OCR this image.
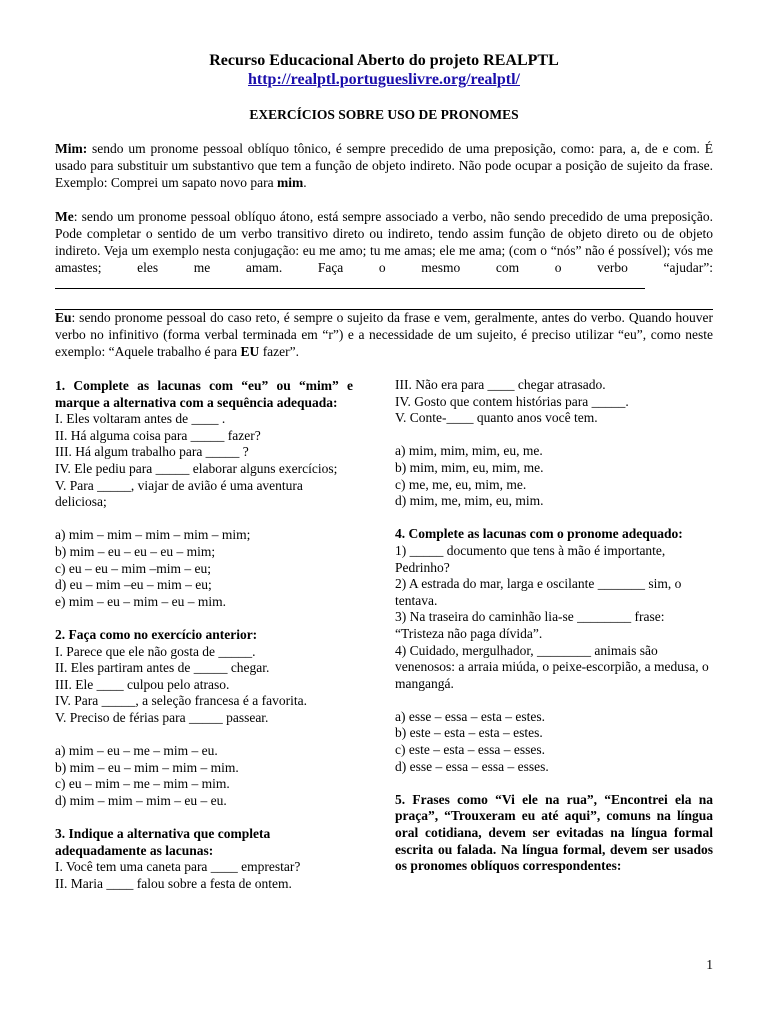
Recurso Educacional Aberto do projeto REALPTL
http://realptl.portugueslivre.org/realptl/
EXERCÍCIOS SOBRE USO DE PRONOMES
Mim: sendo um pronome pessoal oblíquo tônico, é sempre precedido de uma preposição, como: para, a, de e com. É usado para substituir um substantivo que tem a função de objeto indireto. Não pode ocupar a posição de sujeito da frase. Exemplo: Comprei um sapato novo para mim.
Me: sendo um pronome pessoal oblíquo átono, está sempre associado a verbo, não sendo precedido de uma preposição. Pode completar o sentido de um verbo transitivo direto ou indireto, tendo assim função de objeto direto ou de objeto indireto. Veja um exemplo nesta conjugação: eu me amo; tu me amas; ele me ama; (com o “nós” não é possível); vós me amastes; eles me amam. Faça o mesmo com o verbo “ajudar”:
Eu: sendo pronome pessoal do caso reto, é sempre o sujeito da frase e vem, geralmente, antes do verbo. Quando houver verbo no infinitivo (forma verbal terminada em “r”) e a necessidade de um sujeito, é preciso utilizar “eu”, como neste exemplo: “Aquele trabalho é para EU fazer”.
1. Complete as lacunas com “eu” ou “mim” e marque a alternativa com a sequência adequada:
I. Eles voltaram antes de ____ .
II. Há alguma coisa para _____ fazer?
III. Há algum trabalho para _____ ?
IV. Ele pediu para _____ elaborar alguns exercícios;
V. Para _____, viajar de avião é uma aventura deliciosa;
a) mim – mim – mim – mim – mim;
b) mim – eu – eu – eu – mim;
c) eu – eu – mim –mim – eu;
d) eu – mim –eu – mim – eu;
e) mim – eu – mim – eu – mim.
2. Faça como no exercício anterior:
I. Parece que ele não gosta de _____.
II. Eles partiram antes de _____ chegar.
III. Ele ____ culpou pelo atraso.
IV. Para _____, a seleção francesa é a favorita.
V. Preciso de férias para _____ passear.
a) mim – eu – me – mim – eu.
b) mim – eu – mim – mim – mim.
c) eu – mim – me – mim – mim.
d) mim – mim – mim – eu – eu.
3. Indique a alternativa que completa adequadamente as lacunas:
I. Você tem uma caneta para ____ emprestar?
II. Maria ____ falou sobre a festa de ontem.
III. Não era para ____ chegar atrasado.
IV. Gosto que contem histórias para _____.
V. Conte-____ quanto anos você tem.
a) mim, mim, mim, eu, me.
b) mim, mim, eu, mim, me.
c) me, me, eu, mim, me.
d) mim, me, mim, eu, mim.
4. Complete as lacunas com o pronome adequado:
1) _____ documento que tens à mão é importante, Pedrinho?
2) A estrada do mar, larga e oscilante _______ sim, o tentava.
3) Na traseira do caminhão lia-se ________ frase: “Tristeza não paga dívida”.
4) Cuidado, mergulhador, ________ animais são venenosos: a arraia miúda, o peixe-escorpião, a medusa, o mangangá.
a) esse – essa – esta – estes.
b) este – esta – esta – estes.
c) este – esta – essa – esses.
d) esse – essa – essa – esses.
5. Frases como “Vi ele na rua”, “Encontrei ela na praça”, “Trouxeram eu até aqui”, comuns na língua oral cotidiana, devem ser evitadas na língua formal escrita ou falada. Na língua formal, devem ser usados os pronomes oblíquos correspondentes:
1
